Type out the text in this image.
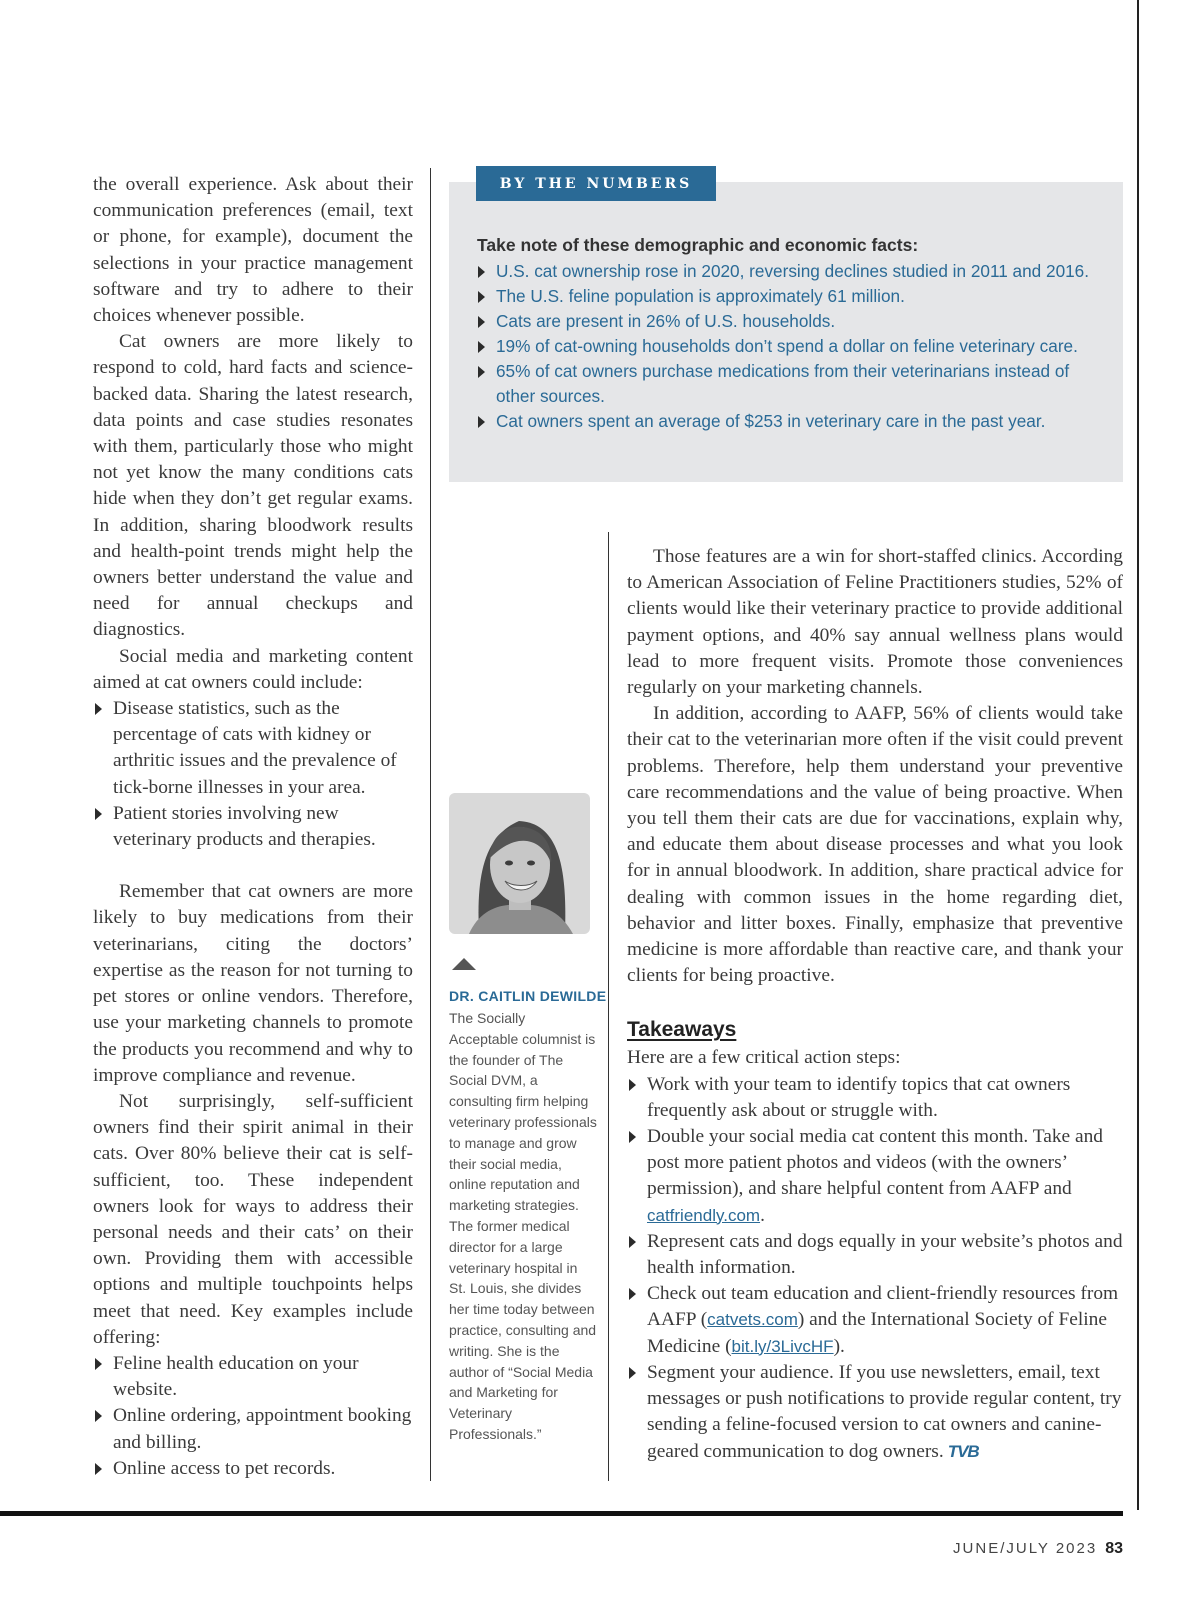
the overall experience. Ask about their communication preferences (email, text or phone, for example), document the selections in your practice management software and try to adhere to their choices whenever possible.

Cat owners are more likely to respond to cold, hard facts and science-backed data. Sharing the latest research, data points and case studies resonates with them, particularly those who might not yet know the many conditions cats hide when they don’t get regular exams. In addition, sharing bloodwork results and health-point trends might help the owners better understand the value and need for annual checkups and diagnostics.

Social media and marketing content aimed at cat owners could include:

Disease statistics, such as the percentage of cats with kidney or arthritic issues and the prevalence of tick-borne illnesses in your area.
Patient stories involving new veterinary products and therapies.

Remember that cat owners are more likely to buy medications from their veterinarians, citing the doctors’ expertise as the reason for not turning to pet stores or online vendors. Therefore, use your marketing channels to promote the products you recommend and why to improve compliance and revenue.

Not surprisingly, self-sufficient owners find their spirit animal in their cats. Over 80% believe their cat is self-sufficient, too. These independent owners look for ways to address their personal needs and their cats’ on their own. Providing them with accessible options and multiple touchpoints helps meet that need. Key examples include offering:

Feline health education on your website.
Online ordering, appointment booking and billing.
Online access to pet records.
BY THE NUMBERS
Take note of these demographic and economic facts:
U.S. cat ownership rose in 2020, reversing declines studied in 2011 and 2016.
The U.S. feline population is approximately 61 million.
Cats are present in 26% of U.S. households.
19% of cat-owning households don’t spend a dollar on feline veterinary care.
65% of cat owners purchase medications from their veterinarians instead of other sources.
Cat owners spent an average of $253 in veterinary care in the past year.
DR. CAITLIN DEWILDE
The Socially Acceptable columnist is the founder of The Social DVM, a consulting firm helping veterinary professionals to manage and grow their social media, online reputation and marketing strategies. The former medical director for a large veterinary hospital in St. Louis, she divides her time today between practice, consulting and writing. She is the author of “Social Media and Marketing for Veterinary Professionals.”

Those features are a win for short-staffed clinics. According to American Association of Feline Practitioners studies, 52% of clients would like their veterinary practice to provide additional payment options, and 40% say annual wellness plans would lead to more frequent visits. Promote those conveniences regularly on your marketing channels.

In addition, according to AAFP, 56% of clients would take their cat to the veterinarian more often if the visit could prevent problems. Therefore, help them understand your preventive care recommendations and the value of being proactive. When you tell them their cats are due for vaccinations, explain why, and educate them about disease processes and what you look for in annual bloodwork. In addition, share practical advice for dealing with common issues in the home regarding diet, behavior and litter boxes. Finally, emphasize that preventive medicine is more affordable than reactive care, and thank your clients for being proactive.

Takeaways

Here are a few critical action steps:

Work with your team to identify topics that cat owners frequently ask about or struggle with.
Double your social media cat content this month. Take and post more patient photos and videos (with the owners’ permission), and share helpful content from AAFP and catfriendly.com.
Represent cats and dogs equally in your website’s photos and health information.
Check out team education and client-friendly resources from AAFP (catvets.com) and the International Society of Feline Medicine (bit.ly/3LivcHF).
Segment your audience. If you use newsletters, email, text messages or push notifications to provide regular content, try sending a feline-focused version to cat owners and canine-geared communication to dog owners. TVB
JUNE/JULY 2023 83
